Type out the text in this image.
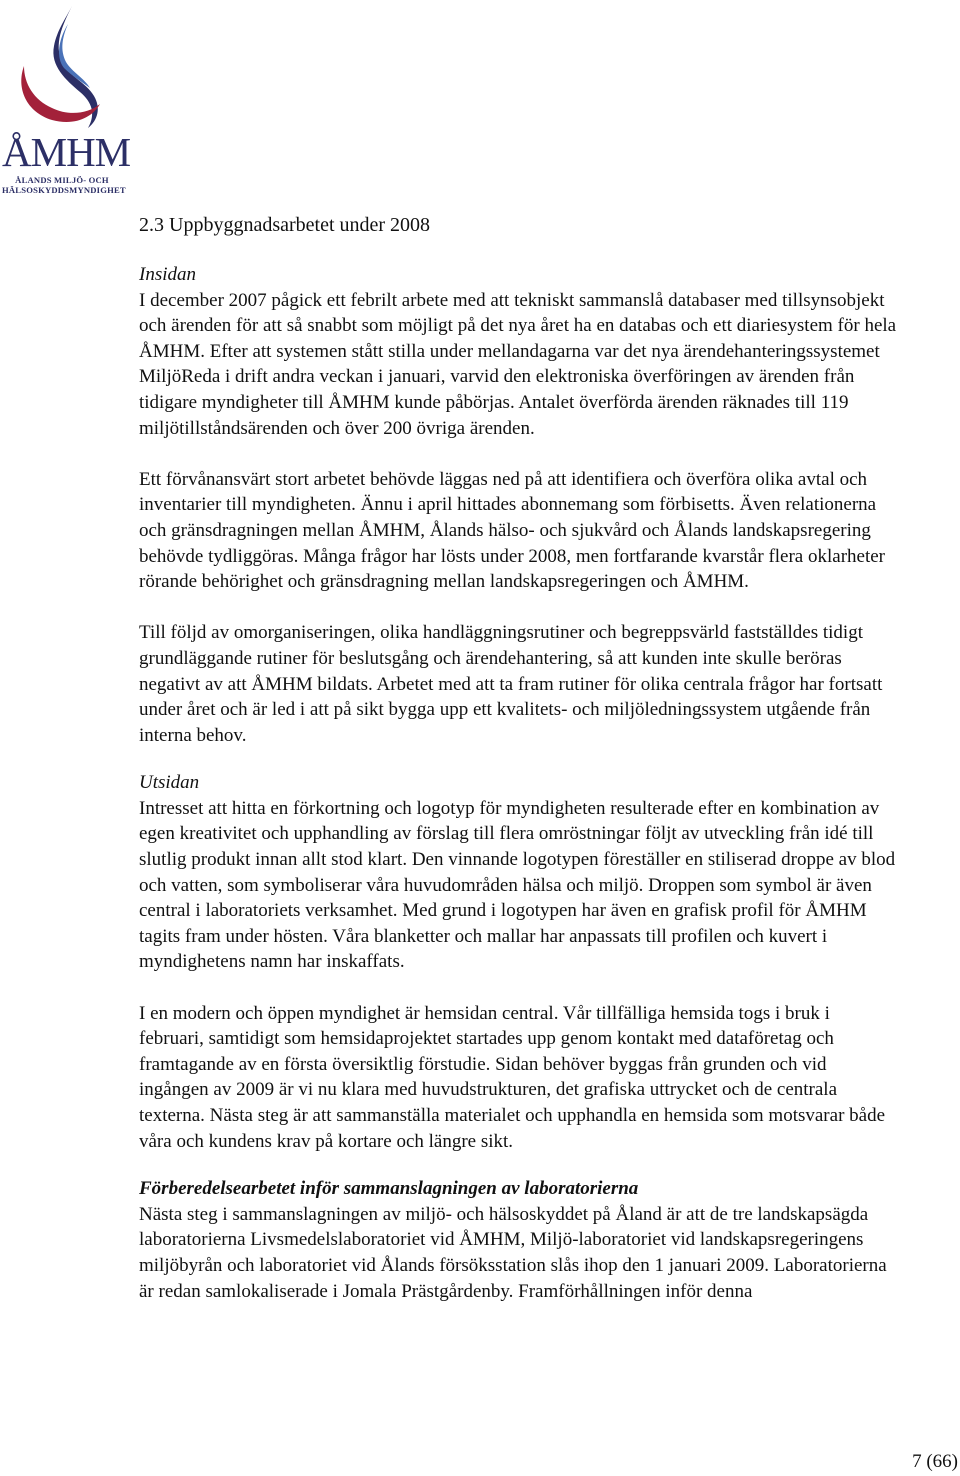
ÅMHM
ÅLANDS MILJÖ- OCH
HÄLSOSKYDDSMYNDIGHET
2.3 Uppbyggnadsarbetet under 2008

Insidan

I december 2007 pågick ett febrilt arbete med att tekniskt sammanslå databaser med tillsynsobjekt och ärenden för att så snabbt som möjligt på det nya året ha en databas och ett diariesystem för hela ÅMHM. Efter att systemen stått stilla under mellandagarna var det nya ärendehanteringssystemet MiljöReda i drift andra veckan i januari, varvid den elektroniska överföringen av ärenden från tidigare myndigheter till ÅMHM kunde påbörjas. Antalet överförda ärenden räknades till 119 miljötillståndsärenden och över 200 övriga ärenden.

Ett förvånansvärt stort arbetet behövde läggas ned på att identifiera och överföra olika avtal och inventarier till myndigheten. Ännu i april hittades abonnemang som förbisetts. Även relationerna och gränsdragningen mellan ÅMHM, Ålands hälso- och sjukvård och Ålands landskapsregering behövde tydliggöras. Många frågor har lösts under 2008, men fortfarande kvarstår flera oklarheter rörande behörighet och gränsdragning mellan landskapsregeringen och ÅMHM.

Till följd av omorganiseringen, olika handläggningsrutiner och begreppsvärld fastställdes tidigt grundläggande rutiner för beslutsgång och ärendehantering, så att kunden inte skulle beröras negativt av att ÅMHM bildats. Arbetet med att ta fram rutiner för olika centrala frågor har fortsatt under året och är led i att på sikt bygga upp ett kvalitets- och miljöledningssystem utgående från interna behov.

Utsidan

Intresset att hitta en förkortning och logotyp för myndigheten resulterade efter en kombination av egen kreativitet och upphandling av förslag till flera omröstningar följt av utveckling från idé till slutlig produkt innan allt stod klart. Den vinnande logotypen föreställer en stiliserad droppe av blod och vatten, som symboliserar våra huvudområden hälsa och miljö. Droppen som symbol är även central i laboratoriets verksamhet. Med grund i logotypen har även en grafisk profil för ÅMHM tagits fram under hösten. Våra blanketter och mallar har anpassats till profilen och kuvert i myndighetens namn har inskaffats.

I en modern och öppen myndighet är hemsidan central. Vår tillfälliga hemsida togs i bruk i februari, samtidigt som hemsidaprojektet startades upp genom kontakt med dataföretag och framtagande av en första översiktlig förstudie. Sidan behöver byggas från grunden och vid ingången av 2009 är vi nu klara med huvudstrukturen, det grafiska uttrycket och de centrala texterna. Nästa steg är att sammanställa materialet och upphandla en hemsida som motsvarar både våra och kundens krav på kortare och längre sikt.

Förberedelsearbetet inför sammanslagningen av laboratorierna

Nästa steg i sammanslagningen av miljö- och hälsoskyddet på Åland är att de tre landskapsägda laboratorierna Livsmedelslaboratoriet vid ÅMHM, Miljö-laboratoriet vid landskapsregeringens miljöbyrån och laboratoriet vid Ålands försöksstation slås ihop den 1 januari 2009. Laboratorierna är redan samlokaliserade i Jomala Prästgårdenby. Framförhållningen inför denna

7 (66)
